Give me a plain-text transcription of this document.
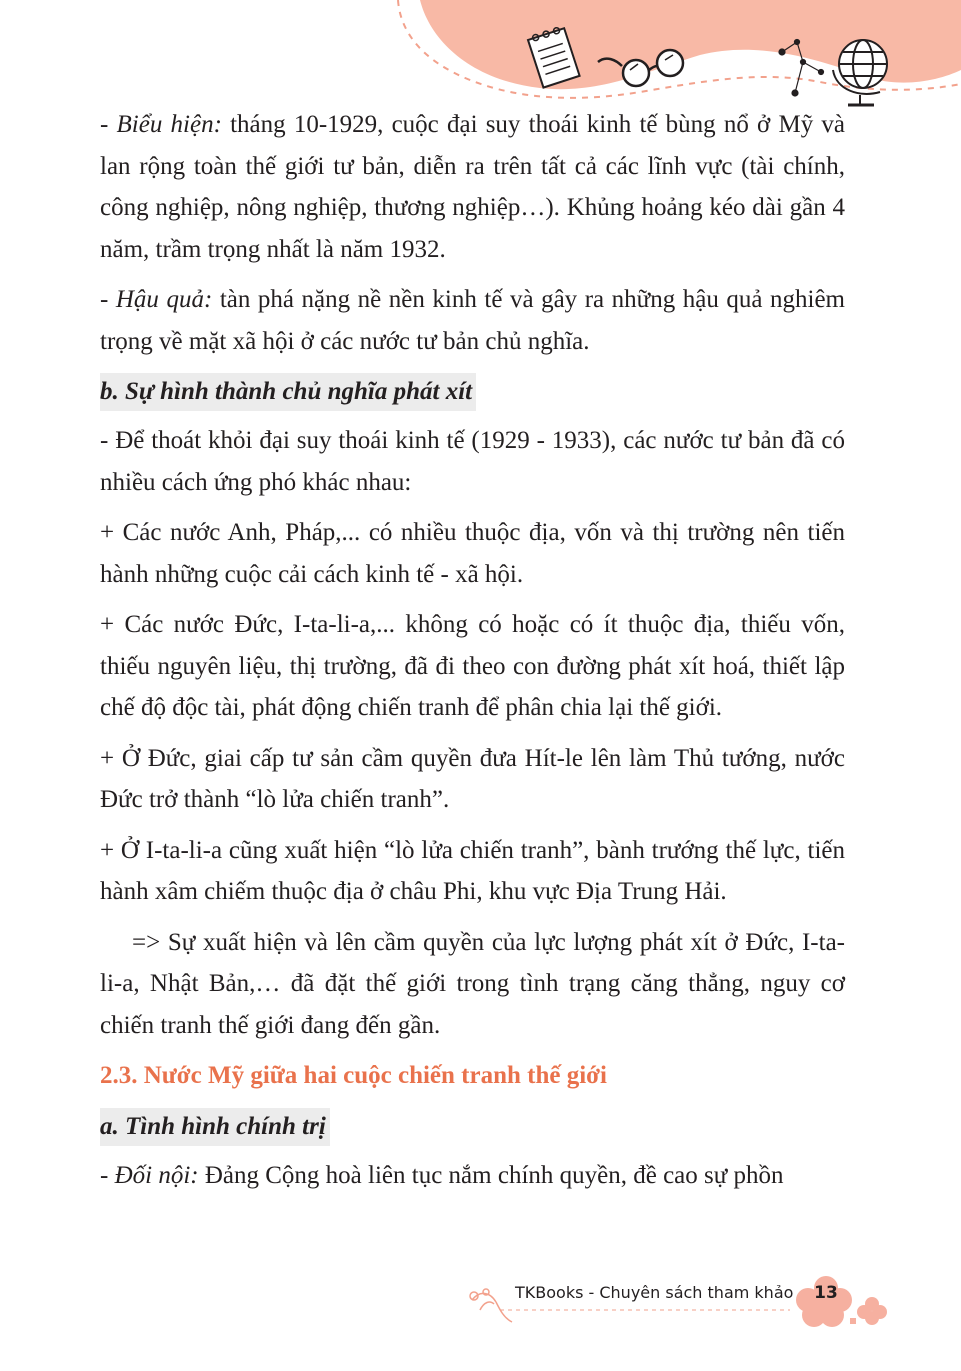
- Biểu hiện: tháng 10-1929, cuộc đại suy thoái kinh tế bùng nổ ở Mỹ và lan rộng toàn thế giới tư bản, diễn ra trên tất cả các lĩnh vực (tài chính, công nghiệp, nông nghiệp, thương nghiệp…). Khủng hoảng kéo dài gần 4 năm, trầm trọng nhất là năm 1932.

- Hậu quả: tàn phá nặng nề nền kinh tế và gây ra những hậu quả nghiêm trọng về mặt xã hội ở các nước tư bản chủ nghĩa.

b. Sự hình thành chủ nghĩa phát xít

- Để thoát khỏi đại suy thoái kinh tế (1929 - 1933), các nước tư bản đã có nhiều cách ứng phó khác nhau:

+ Các nước Anh, Pháp,... có nhiều thuộc địa, vốn và thị trường nên tiến hành những cuộc cải cách kinh tế - xã hội.

+ Các nước Đức, I-ta-li-a,... không có hoặc có ít thuộc địa, thiếu vốn, thiếu nguyên liệu, thị trường, đã đi theo con đường phát xít hoá, thiết lập chế độ độc tài, phát động chiến tranh để phân chia lại thế giới.

+ Ở Đức, giai cấp tư sản cầm quyền đưa Hít-le lên làm Thủ tướng, nước Đức trở thành “lò lửa chiến tranh”.

+ Ở I-ta-li-a cũng xuất hiện “lò lửa chiến tranh”, bành trướng thế lực, tiến hành xâm chiếm thuộc địa ở châu Phi, khu vực Địa Trung Hải.

=> Sự xuất hiện và lên cầm quyền của lực lượng phát xít ở Đức, I-ta-li-a, Nhật Bản,… đã đặt thế giới trong tình trạng căng thẳng, nguy cơ chiến tranh thế giới đang đến gần.

2.3. Nước Mỹ giữa hai cuộc chiến tranh thế giới
a. Tình hình chính trị

- Đối nội: Đảng Cộng hoà liên tục nắm chính quyền, đề cao sự phồn

TKBooks - Chuyên sách tham khảo 13
